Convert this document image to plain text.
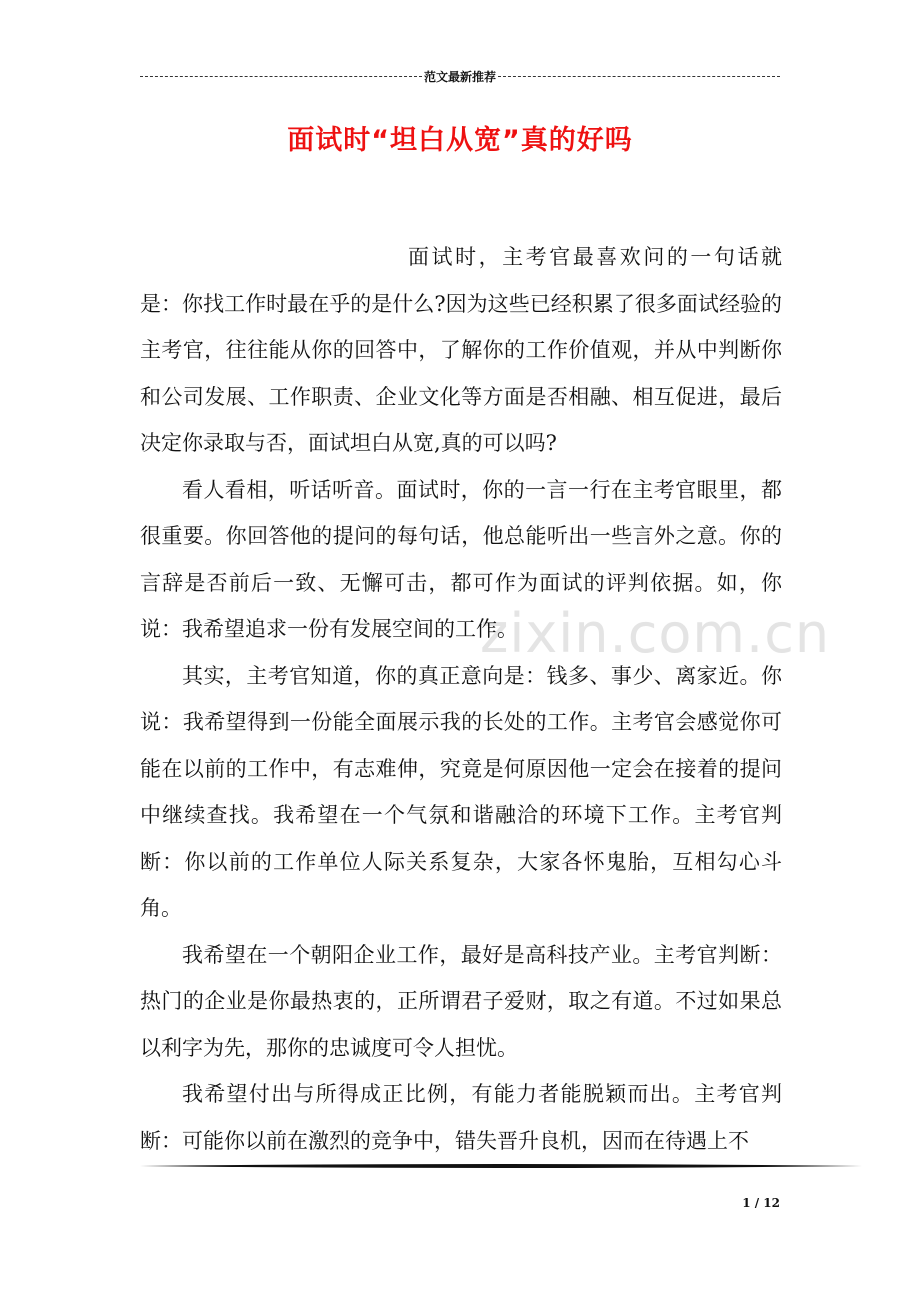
范文最新推荐
面试时“坦白从宽”真的好吗
zixin.com.cn

面试时，主考官最喜欢问的一句话就是：你找工作时最在乎的是什么?因为这些已经积累了很多面试经验的主考官，往往能从你的回答中，了解你的工作价值观，并从中判断你和公司发展、工作职责、企业文化等方面是否相融、相互促进，最后决定你录取与否，面试坦白从宽,真的可以吗?

看人看相，听话听音。面试时，你的一言一行在主考官眼里，都很重要。你回答他的提问的每句话，他总能听出一些言外之意。你的言辞是否前后一致、无懈可击，都可作为面试的评判依据。如，你说：我希望追求一份有发展空间的工作。

其实，主考官知道，你的真正意向是：钱多、事少、离家近。你说：我希望得到一份能全面展示我的长处的工作。主考官会感觉你可能在以前的工作中，有志难伸，究竟是何原因他一定会在接着的提问中继续查找。我希望在一个气氛和谐融洽的环境下工作。主考官判断：你以前的工作单位人际关系复杂，大家各怀鬼胎，互相勾心斗角。

我希望在一个朝阳企业工作，最好是高科技产业。主考官判断：热门的企业是你最热衷的，正所谓君子爱财，取之有道。不过如果总以利字为先，那你的忠诚度可令人担忧。

我希望付出与所得成正比例，有能力者能脱颖而出。主考官判断：可能你以前在激烈的竞争中，错失晋升良机，因而在待遇上不

1 / 12
